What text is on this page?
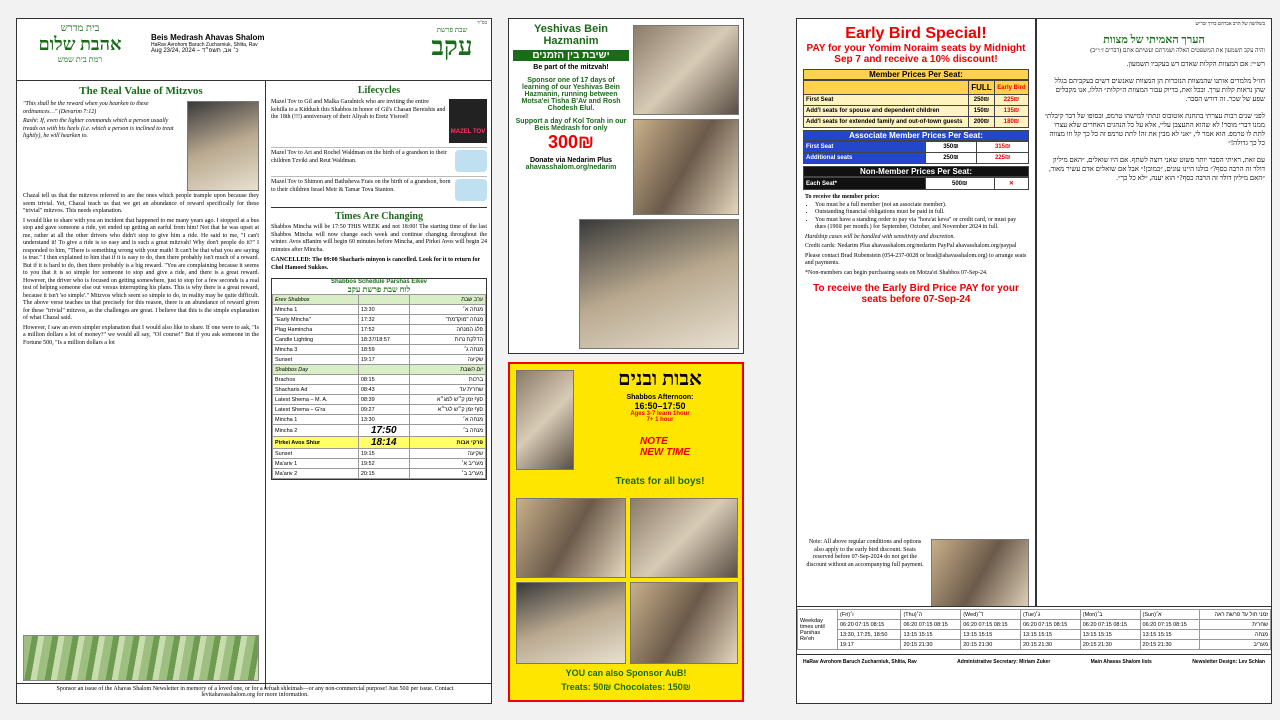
בית מדרש
אהבת שלום
רמת בית שמש
Beis Medrash Ahavas Shalom
HaRav Avrohom Baruch Zucharniuk, Shlita, Rav
Aug 23/24, 2024 – כ׳ אב, תשפ״ד
בס"ד
שבת פרשת
עקב
The Real Value of Mitzvos

"This shall be the reward when you hearken to these ordinances…" (Devarim 7:12)

Rashi: If, even the lighter commands which a person usually treads on with his heels (i.e. which a person is inclined to treat lightly), he will hearken to.

Chazal tell us that the mitzvos referred to are the ones which people trample upon because they seem trivial. Yet, Chazal teach us that we get an abundance of reward specifically for these "trivial" mitzvos. This needs explanation.

I would like to share with you an incident that happened to me many years ago. I stopped at a bus stop and gave someone a ride, yet ended up getting an earful from him! Not that he was upset at me, rather at all the other drivers who didn't stop to give him a ride. He said to me, "I can't understand it! To give a ride is so easy and is such a great mitzvah! Why don't people do it?" I responded to him, "There is something wrong with your math! It can't be that what you are saying is true." I then explained to him that if it is easy to do, then there probably isn't much of a reward. But if it is hard to do, then there probably is a big reward. "You are complaining because it seems to you that it is so simple for someone to stop and give a ride, and there is a great reward. However, the driver who is focused on getting somewhere, just to stop for a few seconds is a real test of helping someone else out versus interrupting his plans. This is why there is a great reward, because it isn't 'so simple'." Mitzvos which seem so simple to do, in reality may be quite difficult. The above verse teaches us that precisely for this reason, there is an abundance of reward given for these "trivial" mitzvos, as the challenges are great. I believe that this is the simple explanation of what Chazal said.

However, I saw an even simpler explanation that I would also like to share. If one were to ask, "Is a million dollars a lot of money?" we would all say, "Of course!" But if you ask someone in the Fortune 500, "Is a million dollars a lot

Lifecycles
Mazel Tov to Gil and Malka Garalnick who are inviting the entire kehilla to a Kiddush this Shabbos in honor of Gil's Chasan Bereishis and the 18th (!!!) anniversary of their Aliyah to Eretz Yisroel!
MAZEL TOV
Mazel Tov to Ari and Rochel Waldman on the birth of a grandson to their children Tzviki and Reut Waldman.
Mazel Tov to Shimon and Bathsheva Frais on the birth of a grandson, born to their children Israel Meir & Tamar Tova Stanton.
Times Are Changing

Shabbos Mincha will be 17:50 THIS WEEK and not 18:00! The starting time of the last Shabbos Mincha will now change each week and continue changing throughout the winter. Avos uBanim will begin 60 minutes before Mincha, and Pirkei Avos will begin 24 minutes after Mincha.

CANCELLED: The 09:00 Shacharis minyon is cancelled. Look for it to return for Chol Hamoed Sukkos.

Shabbos Schedule Parshas Eikev
לוח שבת פרשת עקב
Erev Shabbos		ערב שבת
Mincha 1	13:30	מנחה א׳
"Early Mincha"	17:32	מנחה "מוקדמת"
Plag Hamincha	17:52	פלג המנחה
Candle Lighting	18:37/18:57	הדלקת נרות
Mincha 3	18:59	מנחה ג׳
Sunset	19:17	שקיעה
Shabbos Day		יום השבת
Brachos	08:15	ברכות
Shacharis Ad	08:43	שחרית עד
Latest Shema – M. A.	08:39	סוף זמן ק״ש למג״א
Latest Shema – G'ra	09:27	סוף זמן ק״ש לגר״א
Mincha 1	13:30	מנחה א׳
Mincha 2	17:50	מנחה ב׳
Pirkei Avos Shiur	18:14	פרקי אבות
Sunset	19:15	שקיעה
Ma'ariv 1	19:52	מעריב א׳
Ma'ariv 2	20:15	מעריב ב׳
Sponsor an issue of the Ahavas Shalom Newsletter in memory of a loved one, or for a refuah shleimah—or any non-commercial purpose! Just 50₪ per issue. Contact levitahavasshalom.org for more information.
Yeshivas Bein Hazmanim
ישיבת בין הזמנים
Be part of the mitzvah!
Sponsor one of 17 days of learning of our Yeshivas Bein Hazmanin, running between Motsa'ei Tisha B'Av and Rosh Chodesh Elul.
Support a day of Kol Torah in our Beis Medrash for only
300₪
Donate via Nedarim Plus
ahavasshalom.org/nedarim
אבות ובנים
Shabbos Afternoon:
16:50–17:50
Ages 3-7 learn 1hour
7+ 1 hour
NOTE
NEW TIME
Treats for all boys!
YOU can also Sponsor AuB!
Treats: 50₪ Chocolates: 150₪
Early Bird Special!
PAY for your Yomim Noraim seats by Midnight Sep 7 and receive a 10% discount!
Member Prices Per Seat:
	FULL	Early Bird
First Seat	250₪	225₪
Add'l seats for spouse and dependent children	150₪	135₪
Add'l seats for extended family and out-of-town guests	200₪	180₪
Associate Member Prices Per Seat:
First Seat	350₪	315₪
Additional seats	250₪	225₪
Non-Member Prices Per Seat:
Each Seat*	500₪	✕
To receive the member price:
• You must be a full member (not an associate member).
• Outstanding financial obligations must be paid in full.
• You must have a standing order to pay via "hora'at keva" or credit card, or must pay dues (190₪ per month.) for September, October, and November 2024 in full.

Hardship cases will be handled with sensitivity and discretion.

Credit cards: Nedarim Plus ahavasshalom.org/nedarim PayPal ahavasshalom.org/paypal

Please contact Brad Rubenstein (054-237-0028 or brad@ahavasshalom.org) to arrange seats and payments.

*Non-members can begin purchasing seats on Motza'ei Shabbos 07-Sep-24.

To receive the Early Bird Price PAY for your seats before 07-Sep-24
Note: All above regular conditions and options also apply to the early bird discount. Seats reserved before 07-Sep-2024 do not get the discount without an accompanying full payment.
בשלושה של הרב אברהם ברוך זכריש
הערך האמיתי של מצוות
והיה עקב תשמעון את המשפטים האלה ושמרתם ועשיתם אתם (דברים ז׳:י״ב)
רש״י: אם המצוות הקלות שאדם דש בעקביו תשמעון.
חז״ל מלמדים אותנו שהמצוות הנזכרות הן המצוות שאנשים דשים בעקביהם בגלל שהן נראות קלות ערך. ובכל זאת, בדיוק עבור המצוות ה״קלות״ הללו, אנו מקבלים שפע של שכר. זה דורש הסבר.
לפני שנים רבות עצרתי בתחנת אוטובוס ונתתי למישהו טרמפ, ובסופו של דבר קיבלתי ממנו דברי מוסר! לא שהוא התעצבן עליי, אלא על כל הנהגים האחרים שלא עצרו לתת לו טרמפ. הוא אמר לי, ״אני לא מבין את זה! לתת טרמפ זה כל כך קל וזו מצווה כל כך גדולה!״
עם זאת, ראיתי הסבר יותר פשוט שאני רוצה לשתף. אם היו שואלים, ״האם מיליון דולר זה הרבה כסף?״ כולנו היינו עונים, ״כמובן!״ אבל אם שואלים אדם עשיר מאוד, ״האם מיליון דולר זה הרבה כסף?״ הוא יענה, ״לא כל כך״.
Weekday times until Parshas Re'eh	(Fri)ו׳	(Thu)ה׳	(Wed)ד׳	(Tue)ג׳	(Mon)ב׳	(Sun)א׳	זמני חול עד פרשת ראה
	06:20 07:15 08:15	06:20 07:15 08:15	06:20 07:15 08:15	06:20 07:15 08:15	06:20 07:15 08:15	06:20 07:15 08:15	שחרית
	13:30, 17:25, 18:50	13:15 15:15	13:15 15:15	13:15 15:15	13:15 15:15	13:15 15:15	מנחה
	19:17	20:15 21:30	20:15 21:30	20:15 21:30	20:15 21:30	20:15 21:30	מעריב
HaRav Avrohom Baruch Zucharniuk, Shlita, Rav	Administrative Secretary: Miriam Zuker	Main Ahavas Shalom lists	Newsletter Design: Lev Schlan
